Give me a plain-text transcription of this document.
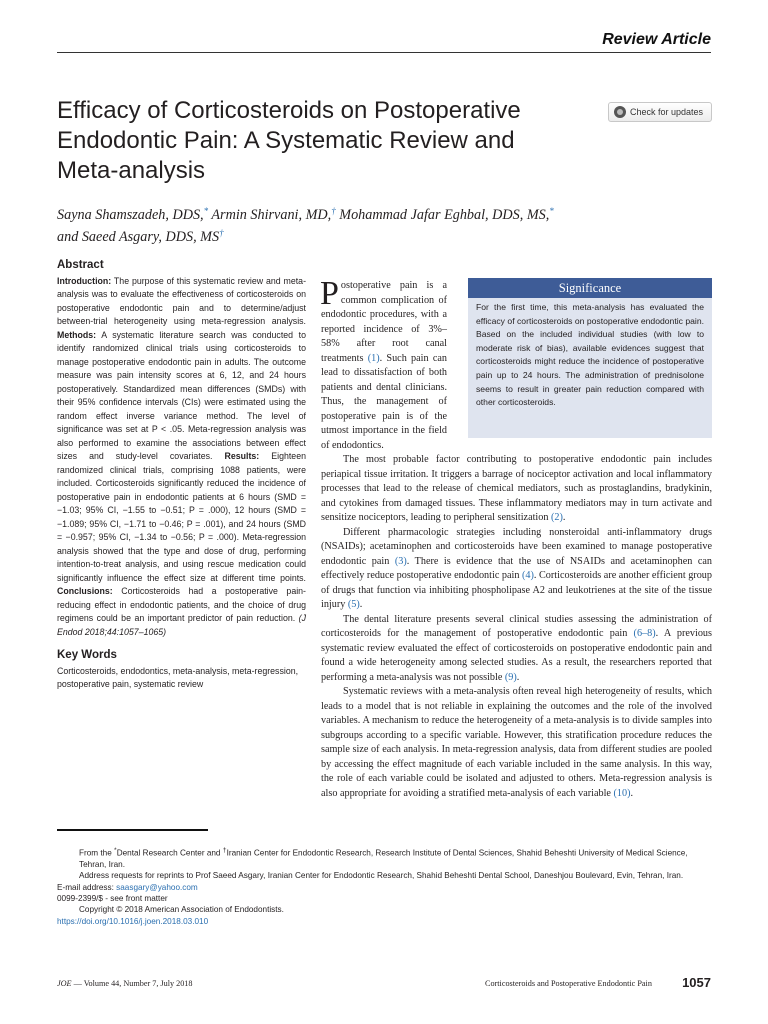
Review Article
Efficacy of Corticosteroids on Postoperative Endodontic Pain: A Systematic Review and Meta-analysis
Check for updates
Sayna Shamszadeh, DDS,* Armin Shirvani, MD,† Mohammad Jafar Eghbal, DDS, MS,*
and Saeed Asgary, DDS, MS†
Abstract

Introduction: The purpose of this systematic review and meta-analysis was to evaluate the effectiveness of corticosteroids on postoperative endodontic pain and to determine/adjust between-trial heterogeneity using meta-regression analysis. Methods: A systematic literature search was conducted to identify randomized clinical trials using corticosteroids to manage postoperative endodontic pain in adults. The outcome measure was pain intensity scores at 6, 12, and 24 hours postoperatively. Standardized mean differences (SMDs) with their 95% confidence intervals (CIs) were estimated using the random effect inverse variance method. The level of significance was set at P < .05. Meta-regression analysis was also performed to examine the associations between effect sizes and study-level covariates. Results: Eighteen randomized clinical trials, comprising 1088 patients, were included. Corticosteroids significantly reduced the incidence of postoperative pain in endodontic patients at 6 hours (SMD = −1.03; 95% CI, −1.55 to −0.51; P = .000), 12 hours (SMD = −1.089; 95% CI, −1.71 to −0.46; P = .001), and 24 hours (SMD = −0.957; 95% CI, −1.34 to −0.56; P = .000). Meta-regression analysis showed that the type and dose of drug, performing intention-to-treat analysis, and using rescue medication could significantly influence the effect size at different time points. Conclusions: Corticosteroids had a postoperative pain-reducing effect in endodontic patients, and the choice of drug regimens could be an important predictor of pain reduction. (J Endod 2018;44:1057–1065)

Key Words

Corticosteroids, endodontics, meta-analysis, meta-regression, postoperative pain, systematic review

Significance
For the first time, this meta-analysis has evaluated the efficacy of corticosteroids on postoperative endodontic pain. Based on the included individual studies (with low to moderate risk of bias), available evidences suggest that corticosteroids might reduce the incidence of postoperative pain up to 24 hours. The administration of prednisolone seems to result in greater pain reduction compared with other corticosteroids.

Postoperative pain is a common complication of endodontic procedures, with a reported incidence of 3%–58% after root canal treatments (1). Such pain can lead to dissatisfaction of both patients and dental clinicians. Thus, the management of postoperative pain is of the utmost importance in the field of endodontics.

The most probable factor contributing to postoperative endodontic pain includes periapical tissue irritation. It triggers a barrage of nociceptor activation and local inflammatory processes that lead to the release of chemical mediators, such as prostaglandins, bradykinin, and cytokines from damaged tissues. These inflammatory mediators may in turn activate and sensitize nociceptors, leading to peripheral sensitization (2).

Different pharmacologic strategies including nonsteroidal anti-inflammatory drugs (NSAIDs); acetaminophen and corticosteroids have been examined to manage postoperative endodontic pain (3). There is evidence that the use of NSAIDs and acetaminophen can effectively reduce postoperative endodontic pain (4). Corticosteroids are another efficient group of drugs that function via inhibiting phospholipase A2 and leukotrienes at the site of the tissue injury (5).

The dental literature presents several clinical studies assessing the administration of corticosteroids for the management of postoperative endodontic pain (6–8). A previous systematic review evaluated the effect of corticosteroids on postoperative endodontic pain and found a wide heterogeneity among selected studies. As a result, the researchers reported that performing a meta-analysis was not possible (9).

Systematic reviews with a meta-analysis often reveal high heterogeneity of results, which leads to a model that is not reliable in explaining the outcomes and the role of the involved variables. A mechanism to reduce the heterogeneity of a meta-analysis is to divide samples into subgroups according to a specific variable. However, this stratification procedure reduces the sample size of each analysis. In meta-regression analysis, data from different studies are pooled by accessing the effect magnitude of each variable included in the same analysis. In this way, the role of each variable could be isolated and adjusted to others. Meta-regression analysis is also appropriate for avoiding a stratified meta-analysis of each variable (10).

From the *Dental Research Center and †Iranian Center for Endodontic Research, Research Institute of Dental Sciences, Shahid Beheshti University of Medical Science, Tehran, Iran.

Address requests for reprints to Prof Saeed Asgary, Iranian Center for Endodontic Research, Shahid Beheshti Dental School, Daneshjou Boulevard, Evin, Tehran, Iran.

E-mail address: saasgary@yahoo.com

0099-2399/$ - see front matter

Copyright © 2018 American Association of Endodontists.

https://doi.org/10.1016/j.joen.2018.03.010

JOE — Volume 44, Number 7, July 2018	Corticosteroids and Postoperative Endodontic Pain 1057
